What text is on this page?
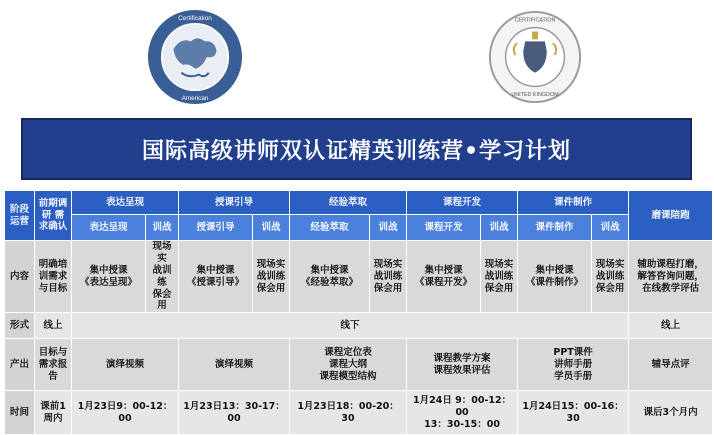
Certification
American
CERTIFICATION
UNITED KINGDOM
国际高级讲师双认证精英训练营•学习计划
阶段
运营	前期调
研 需
求确认	表达呈现		授课引导		经验萃取		课程开发		课件制作		磨课陪跑
		表达呈现	训战	授课引导	训战	经验萃取	训战	课程开发	训战	课件制作	训战	
内容	明确培
训需求
与目标	集中授课
《表达呈现》	现场实
战训练
保会用	集中授课
《授课引导》	现场实
战训练
保会用	集中授课
《经验萃取》	现场实
战训练
保会用	集中授课
《课程开发》	现场实
战训练
保会用	集中授课
《课件制作》	现场实
战训练
保会用	辅助课程打磨，
解答咨询问题，
在线教学评估
形式	线上	线下										线上
产出	目标与
需求报
告	演绎视频		演绎视频		课程定位表
课程大纲
课程模型结构		课程教学方案
课程效果评估		PPT课件
讲师手册
学员手册		辅导点评
时间	课前1
周内	1月23日9：00-12：00		1月23日13：30-17：00		1月23日18：00-20：30		1月24日 9：00-12：00
13：30-15：00		1月24日15：00-16：30		课后3个月内
